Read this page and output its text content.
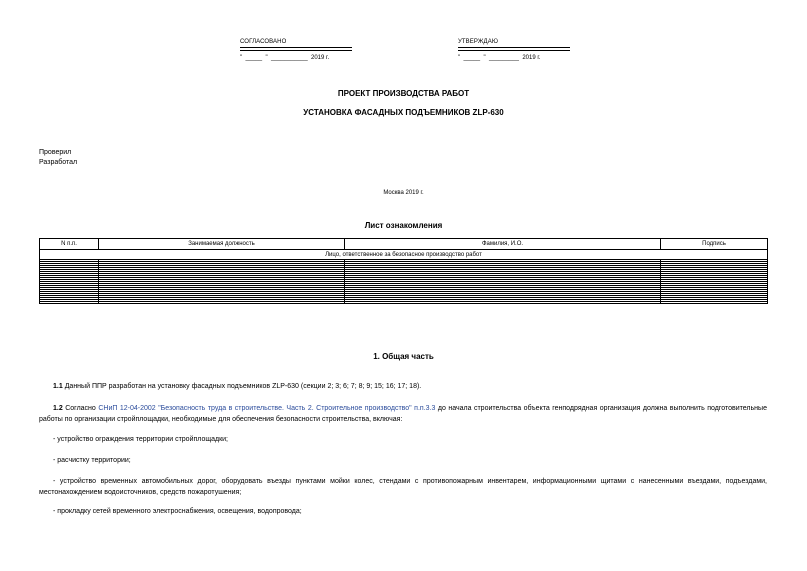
СОГЛАСОВАНО
"  _____  "  ___________  2019 г.
УТВЕРЖДАЮ
"  _____  "  _________  2019 г.
ПРОЕКТ ПРОИЗВОДСТВА РАБОТ
УСТАНОВКА ФАСАДНЫХ ПОДЪЕМНИКОВ ZLP-630
Проверил
Разработал
Москва 2019 г.
Лист ознакомления
N п.п.	Занимаемая должность	Фамилия, И.О.	Подпись
Лицо, ответственное за безопасное производство работ			

1. Общая часть
1.1 Данный ППР разработан на установку фасадных подъемников ZLP-630 (секции 2; 3; 6; 7; 8; 9; 15; 16; 17; 18).
1.2 Согласно СНиП 12-04-2002 "Безопасность труда в строительстве. Часть 2. Строительное производство" п.п.3.3 до начала строительства объекта генподрядная организация должна выполнить подготовительные работы по организации стройплощадки, необходимые для обеспечения безопасности строительства, включая:
- устройство ограждения территории стройплощадки;
- расчистку территории;
- устройство временных автомобильных дорог, оборудовать въезды пунктами мойки колес, стендами с противопожарным инвентарем, информационными щитами с нанесенными въездами, подъездами, местонахождением водоисточников, средств пожаротушения;
- прокладку сетей временного электроснабжения, освещения, водопровода;
